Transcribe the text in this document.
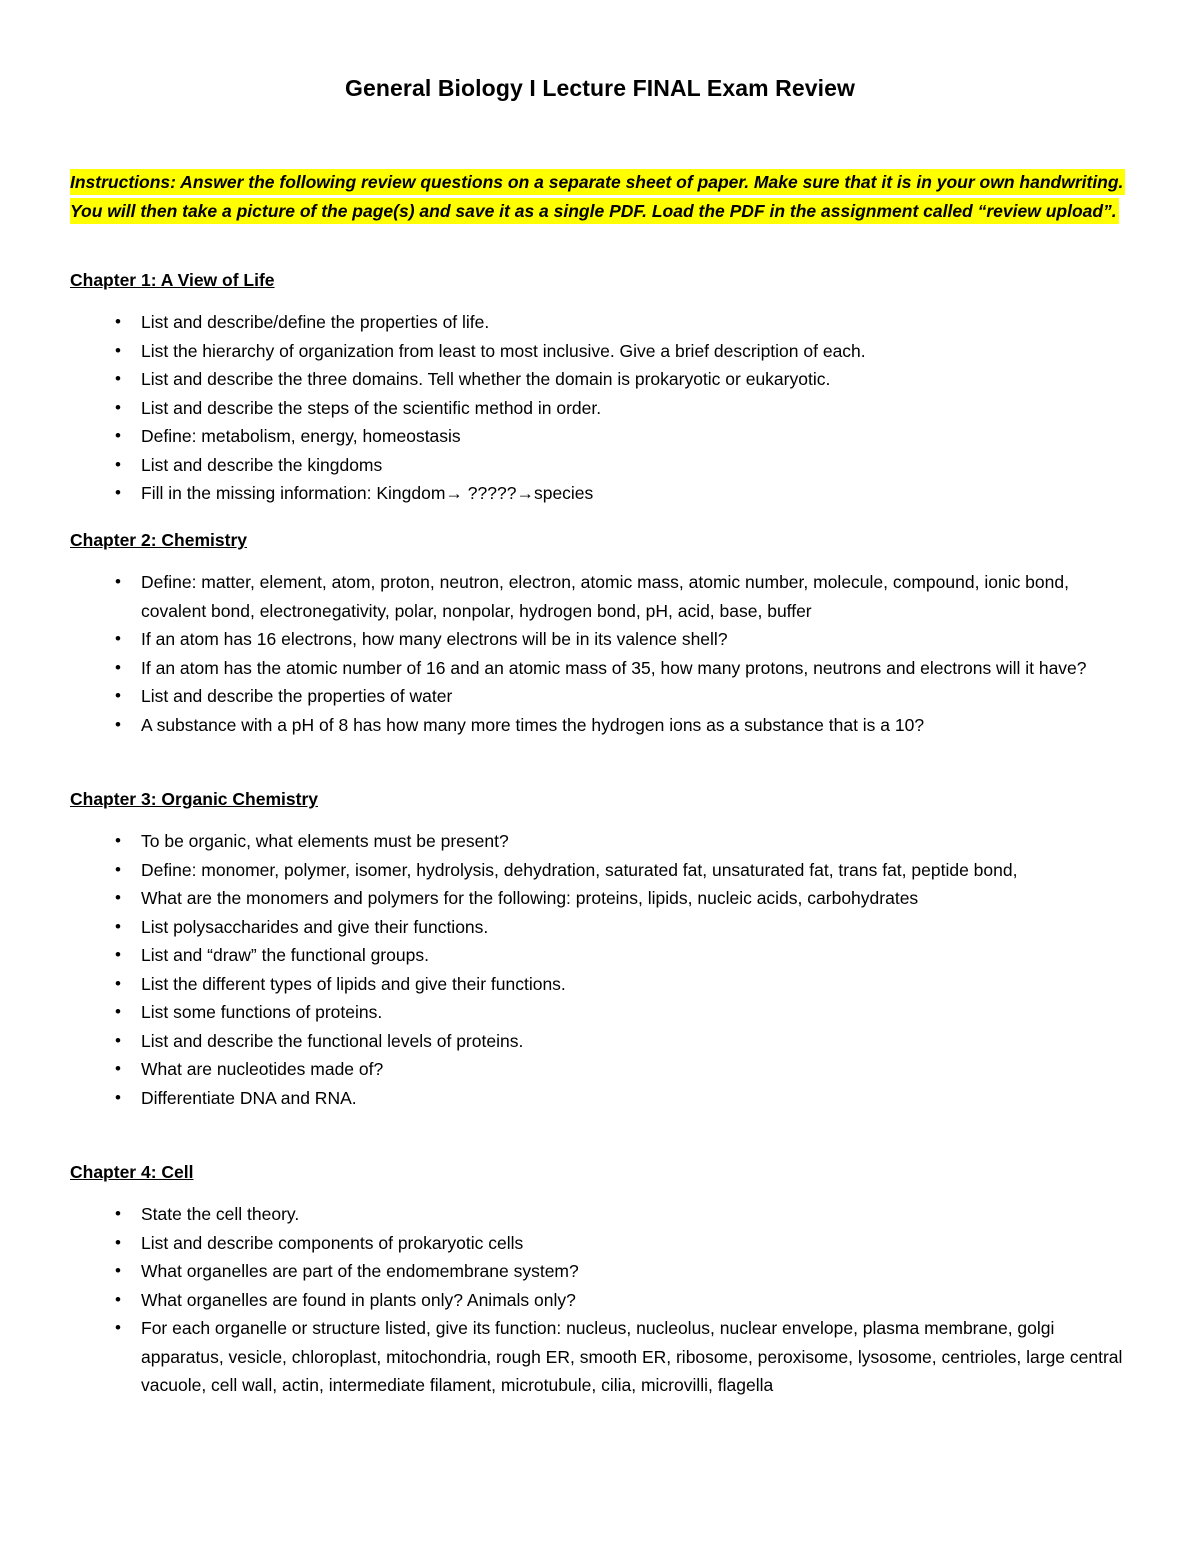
General Biology I Lecture FINAL Exam Review
Instructions: Answer the following review questions on a separate sheet of paper. Make sure that it is in your own handwriting. You will then take a picture of the page(s) and save it as a single PDF. Load the PDF in the assignment called “review upload”.
Chapter 1: A View of Life
• List and describe/define the properties of life.
• List the hierarchy of organization from least to most inclusive. Give a brief description of each.
• List and describe the three domains. Tell whether the domain is prokaryotic or eukaryotic.
• List and describe the steps of the scientific method in order.
• Define: metabolism, energy, homeostasis
• List and describe the kingdoms
• Fill in the missing information: Kingdom→ ?????→species
Chapter 2: Chemistry
• Define: matter, element, atom, proton, neutron, electron, atomic mass, atomic number, molecule, compound, ionic bond, covalent bond, electronegativity, polar, nonpolar, hydrogen bond, pH, acid, base, buffer
• If an atom has 16 electrons, how many electrons will be in its valence shell?
• If an atom has the atomic number of 16 and an atomic mass of 35, how many protons, neutrons and electrons will it have?
• List and describe the properties of water
• A substance with a pH of 8 has how many more times the hydrogen ions as a substance that is a 10?
Chapter 3: Organic Chemistry
• To be organic, what elements must be present?
• Define: monomer, polymer, isomer, hydrolysis, dehydration, saturated fat, unsaturated fat, trans fat, peptide bond,
• What are the monomers and polymers for the following: proteins, lipids, nucleic acids, carbohydrates
• List polysaccharides and give their functions.
• List and “draw” the functional groups.
• List the different types of lipids and give their functions.
• List some functions of proteins.
• List and describe the functional levels of proteins.
• What are nucleotides made of?
• Differentiate DNA and RNA.
Chapter 4: Cell
• State the cell theory.
• List and describe components of prokaryotic cells
• What organelles are part of the endomembrane system?
• What organelles are found in plants only? Animals only?
• For each organelle or structure listed, give its function: nucleus, nucleolus, nuclear envelope, plasma membrane, golgi apparatus, vesicle, chloroplast, mitochondria, rough ER, smooth ER, ribosome, peroxisome, lysosome, centrioles, large central vacuole, cell wall, actin, intermediate filament, microtubule, cilia, microvilli, flagella
